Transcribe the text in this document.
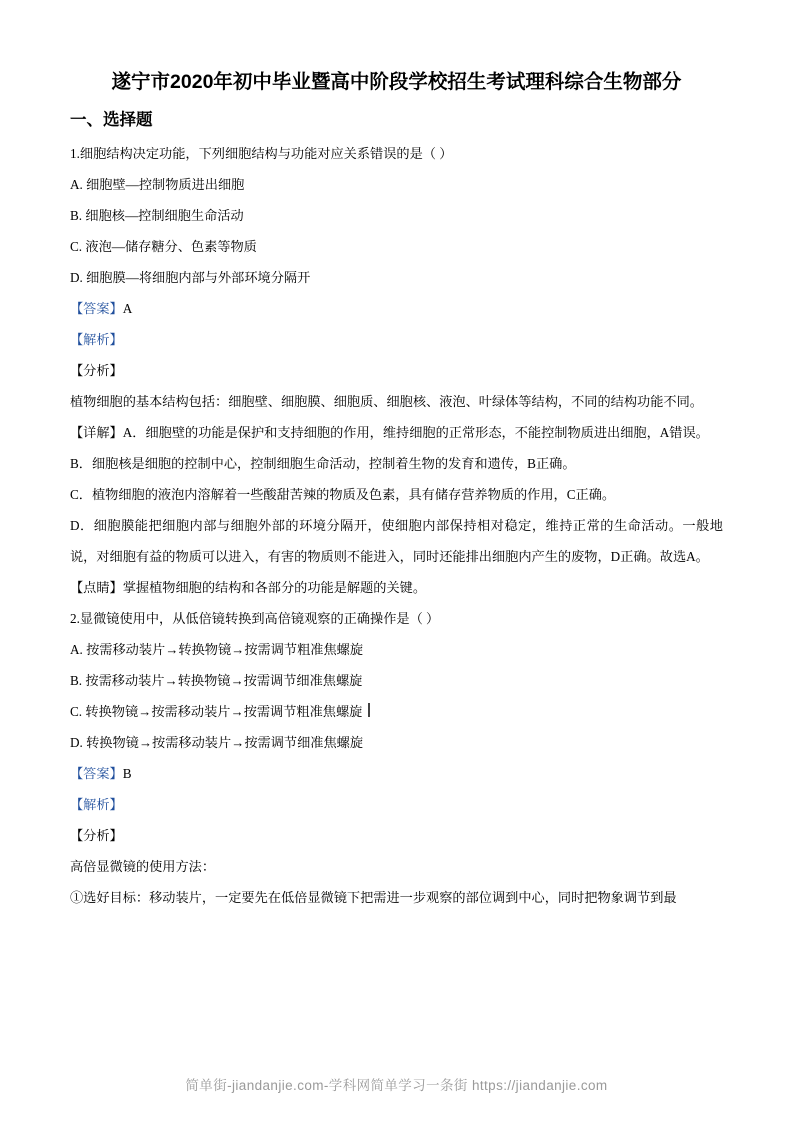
遂宁市2020年初中毕业暨高中阶段学校招生考试理科综合生物部分
一、选择题

1.细胞结构决定功能，下列细胞结构与功能对应关系错误的是（ ）

A. 细胞壁—控制物质进出细胞

B. 细胞核—控制细胞生命活动

C. 液泡—储存糖分、色素等物质

D. 细胞膜—将细胞内部与外部环境分隔开

【答案】A

【解析】

【分析】

植物细胞的基本结构包括：细胞壁、细胞膜、细胞质、细胞核、液泡、叶绿体等结构，不同的结构功能不同。

【详解】A．细胞壁的功能是保护和支持细胞的作用，维持细胞的正常形态，不能控制物质进出细胞，A错误。

B．细胞核是细胞的控制中心，控制细胞生命活动，控制着生物的发育和遗传，B正确。

C．植物细胞的液泡内溶解着一些酸甜苦辣的物质及色素，具有储存营养物质的作用，C正确。

D．细胞膜能把细胞内部与细胞外部的环境分隔开，使细胞内部保持相对稳定，维持正常的生命活动。一般地说，对细胞有益的物质可以进入，有害的物质则不能进入，同时还能排出细胞内产生的废物，D正确。故选A。

【点睛】掌握植物细胞的结构和各部分的功能是解题的关键。

2.显微镜使用中，从低倍镜转换到高倍镜观察的正确操作是（ ）

A. 按需移动装片→转换物镜→按需调节粗准焦螺旋

B. 按需移动装片→转换物镜→按需调节细准焦螺旋

C. 转换物镜→按需移动装片→按需调节粗准焦螺旋

D. 转换物镜→按需移动装片→按需调节细准焦螺旋

【答案】B

【解析】

【分析】

高倍显微镜的使用方法：

①选好目标：移动装片，一定要先在低倍显微镜下把需进一步观察的部位调到中心，同时把物象调节到最

简单街-jiandanjie.com-学科网简单学习一条街 https://jiandanjie.com
